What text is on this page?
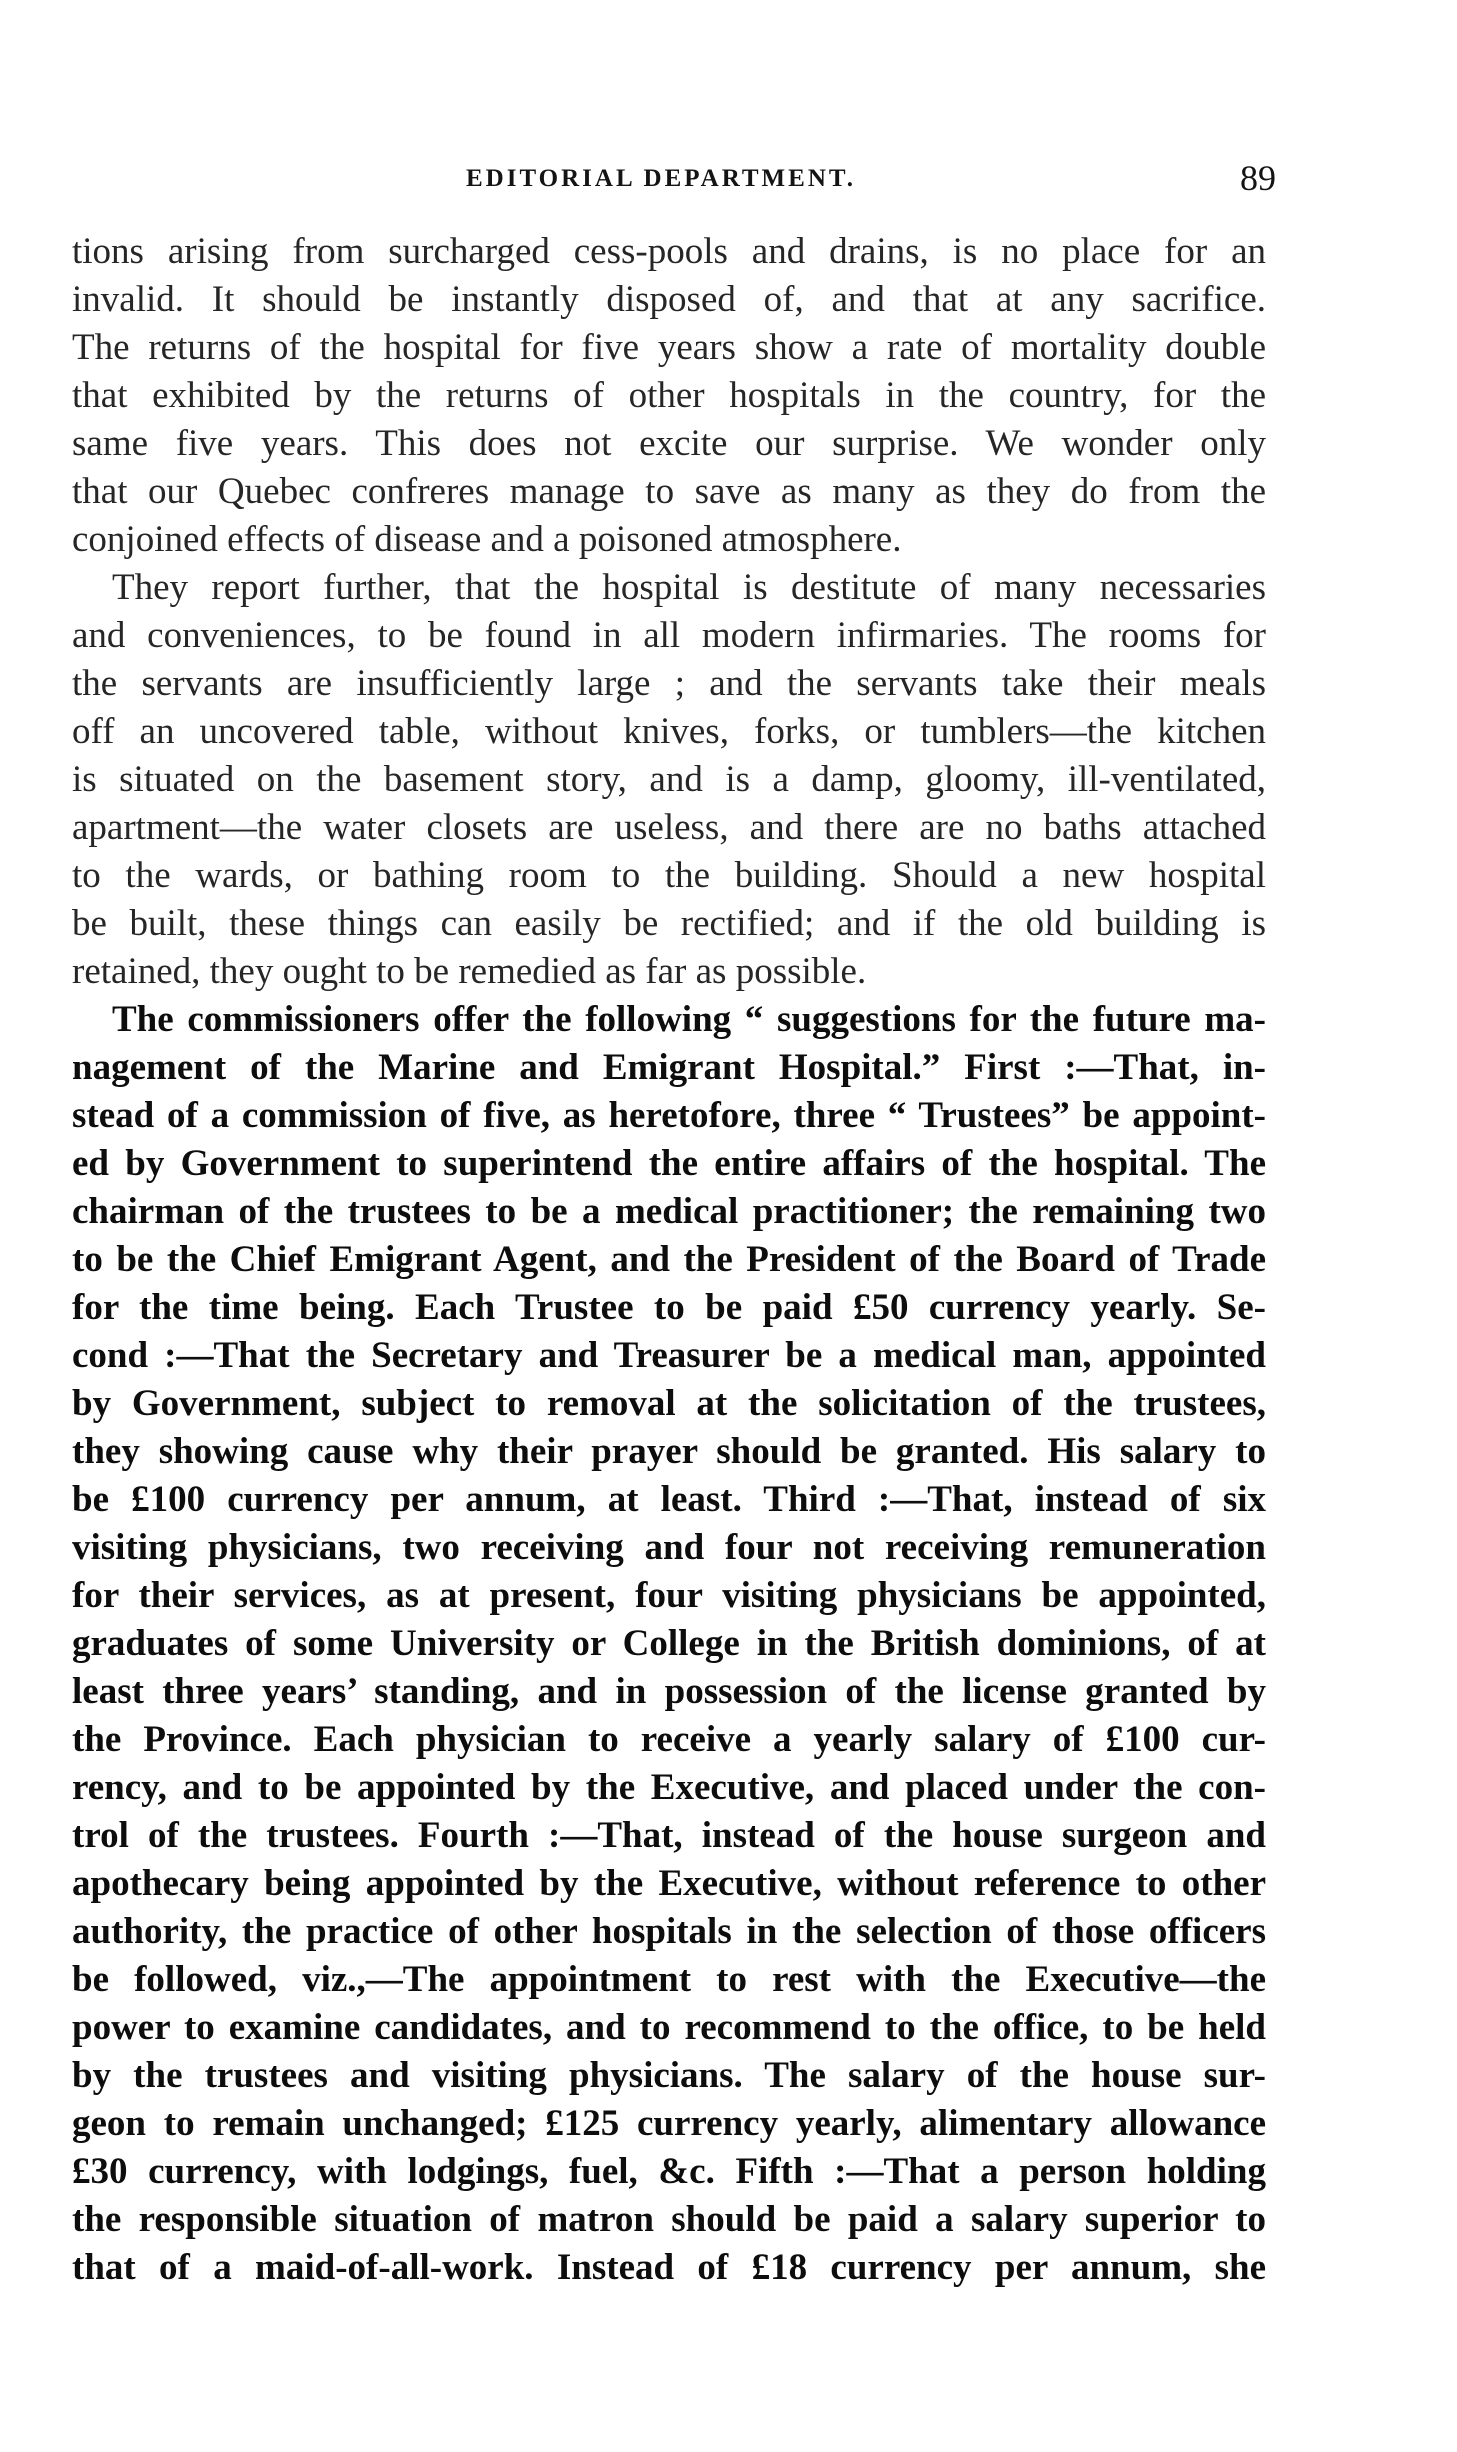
EDITORIAL DEPARTMENT.	89
tions arising from surcharged cess-pools and drains, is no place for an
invalid. It should be instantly disposed of, and that at any sacrifice.
The returns of the hospital for five years show a rate of mortality double
that exhibited by the returns of other hospitals in the country, for the
same five years. This does not excite our surprise. We wonder only
that our Quebec confreres manage to save as many as they do from the
conjoined effects of disease and a poisoned atmosphere.
They report further, that the hospital is destitute of many necessaries
and conveniences, to be found in all modern infirmaries. The rooms for
the servants are insufficiently large ; and the servants take their meals
off an uncovered table, without knives, forks, or tumblers—the kitchen
is situated on the basement story, and is a damp, gloomy, ill-ventilated,
apartment—the water closets are useless, and there are no baths attached
to the wards, or bathing room to the building. Should a new hospital
be built, these things can easily be rectified; and if the old building is
retained, they ought to be remedied as far as possible.
The commissioners offer the following “ suggestions for the future ma-
nagement of the Marine and Emigrant Hospital.” First :—That, in-
stead of a commission of five, as heretofore, three “ Trustees” be appoint-
ed by Government to superintend the entire affairs of the hospital. The
chairman of the trustees to be a medical practitioner; the remaining two
to be the Chief Emigrant Agent, and the President of the Board of Trade
for the time being. Each Trustee to be paid £50 currency yearly. Se-
cond :—That the Secretary and Treasurer be a medical man, appointed
by Government, subject to removal at the solicitation of the trustees,
they showing cause why their prayer should be granted. His salary to
be £100 currency per annum, at least. Third :—That, instead of six
visiting physicians, two receiving and four not receiving remuneration
for their services, as at present, four visiting physicians be appointed,
graduates of some University or College in the British dominions, of at
least three years’ standing, and in possession of the license granted by
the Province. Each physician to receive a yearly salary of £100 cur-
rency, and to be appointed by the Executive, and placed under the con-
trol of the trustees. Fourth :—That, instead of the house surgeon and
apothecary being appointed by the Executive, without reference to other
authority, the practice of other hospitals in the selection of those officers
be followed, viz.,—The appointment to rest with the Executive—the
power to examine candidates, and to recommend to the office, to be held
by the trustees and visiting physicians. The salary of the house sur-
geon to remain unchanged; £125 currency yearly, alimentary allowance
£30 currency, with lodgings, fuel, &c. Fifth :—That a person holding
the responsible situation of matron should be paid a salary superior to
that of a maid-of-all-work. Instead of £18 currency per annum, she
